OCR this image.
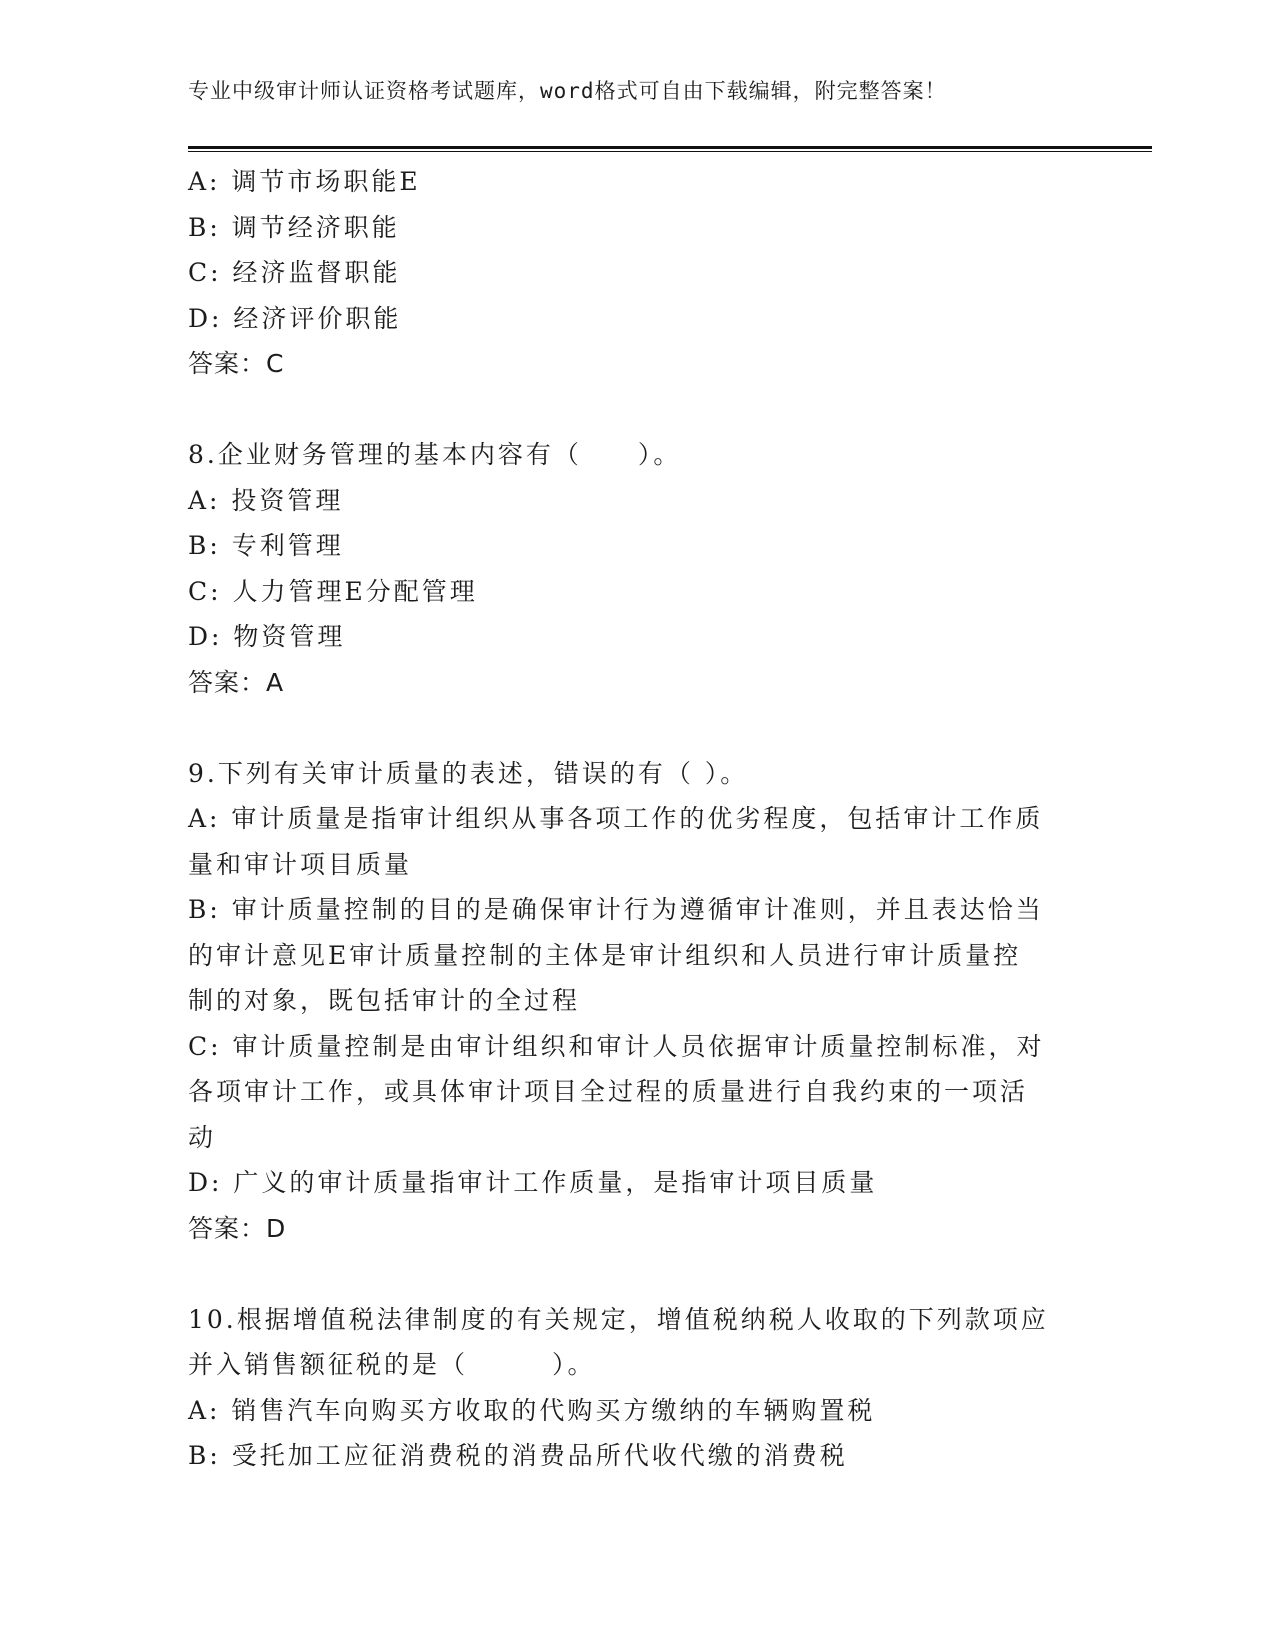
专业中级审计师认证资格考试题库，word格式可自由下载编辑，附完整答案！
A: 调节市场职能E
B: 调节经济职能
C: 经济监督职能
D: 经济评价职能
答案：C
8.企业财务管理的基本内容有（　　）。
A: 投资管理
B: 专利管理
C: 人力管理E分配管理
D: 物资管理
答案：A
9.下列有关审计质量的表述，错误的有（ ）。
A: 审计质量是指审计组织从事各项工作的优劣程度，包括审计工作质
量和审计项目质量
B: 审计质量控制的目的是确保审计行为遵循审计准则，并且表达恰当
的审计意见E审计质量控制的主体是审计组织和人员进行审计质量控
制的对象，既包括审计的全过程
C: 审计质量控制是由审计组织和审计人员依据审计质量控制标准，对
各项审计工作，或具体审计项目全过程的质量进行自我约束的一项活
动
D: 广义的审计质量指审计工作质量，是指审计项目质量
答案：D
10.根据增值税法律制度的有关规定，增值税纳税人收取的下列款项应
并入销售额征税的是（　　　）。
A: 销售汽车向购买方收取的代购买方缴纳的车辆购置税
B: 受托加工应征消费税的消费品所代收代缴的消费税
